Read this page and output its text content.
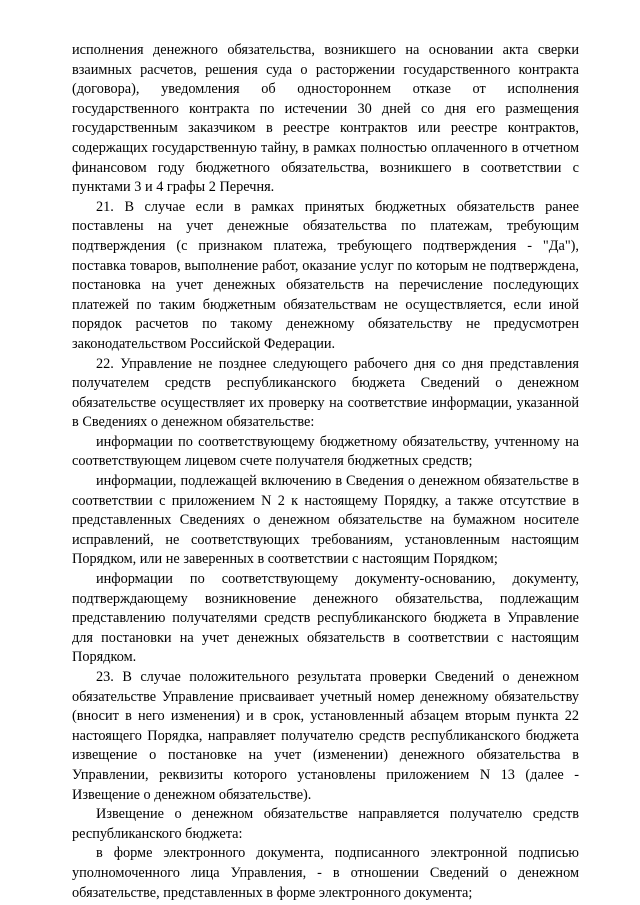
исполнения денежного обязательства, возникшего на основании акта сверки взаимных расчетов, решения суда о расторжении государственного контракта (договора), уведомления об одностороннем отказе от исполнения государственного контракта по истечении 30 дней со дня его размещения государственным заказчиком в реестре контрактов или реестре контрактов, содержащих государственную тайну, в рамках полностью оплаченного в отчетном финансовом году бюджетного обязательства, возникшего в соответствии с пунктами 3 и 4 графы 2 Перечня.

21. В случае если в рамках принятых бюджетных обязательств ранее поставлены на учет денежные обязательства по платежам, требующим подтверждения (с признаком платежа, требующего подтверждения - "Да"), поставка товаров, выполнение работ, оказание услуг по которым не подтверждена, постановка на учет денежных обязательств на перечисление последующих платежей по таким бюджетным обязательствам не осуществляется, если иной порядок расчетов по такому денежному обязательству не предусмотрен законодательством Российской Федерации.

22. Управление не позднее следующего рабочего дня со дня представления получателем средств республиканского бюджета Сведений о денежном обязательстве осуществляет их проверку на соответствие информации, указанной в Сведениях о денежном обязательстве:

информации по соответствующему бюджетному обязательству, учтенному на соответствующем лицевом счете получателя бюджетных средств;

информации, подлежащей включению в Сведения о денежном обязательстве в соответствии с приложением N 2 к настоящему Порядку, а также отсутствие в представленных Сведениях о денежном обязательстве на бумажном носителе исправлений, не соответствующих требованиям, установленным настоящим Порядком, или не заверенных в соответствии с настоящим Порядком;

информации по соответствующему документу-основанию, документу, подтверждающему возникновение денежного обязательства, подлежащим представлению получателями средств республиканского бюджета в Управление для постановки на учет денежных обязательств в соответствии с настоящим Порядком.

23. В случае положительного результата проверки Сведений о денежном обязательстве Управление присваивает учетный номер денежному обязательству (вносит в него изменения) и в срок, установленный абзацем вторым пункта 22 настоящего Порядка, направляет получателю средств республиканского бюджета извещение о постановке на учет (изменении) денежного обязательства в Управлении, реквизиты которого установлены приложением N 13 (далее - Извещение о денежном обязательстве).

Извещение о денежном обязательстве направляется получателю средств республиканского бюджета:

в форме электронного документа, подписанного электронной подписью уполномоченного лица Управления, - в отношении Сведений о денежном обязательстве, представленных в форме электронного документа;
